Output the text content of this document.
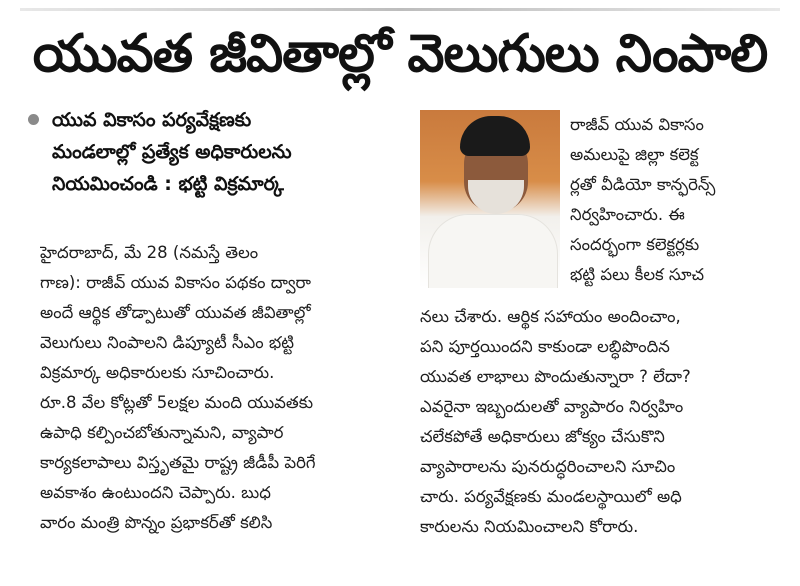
యువత జీవితాల్లో వెలుగులు నింపాలి
యువ వికాసం పర్యవేక్షణకు
మండలాల్లో ప్రత్యేక అధికారులను
నియమించండి : భట్టి విక్రమార్క
హైదరాబాద్‌, మే 28 (నమస్తే తెలం
గాణ): రాజీవ్‌ యువ వికాసం పథకం ద్వారా
అందే ఆర్థిక తోడ్పాటుతో యువత జీవితాల్లో
వెలుగులు నింపాలని డిప్యూటీ సీఎం భట్టి
విక్రమార్క అధికారులకు సూచించారు.
రూ.8 వేల కోట్లతో 5లక్షల మంది యువతకు
ఉపాధి కల్పించబోతున్నామని, వ్యాపార
కార్యకలాపాలు విస్తృతమై రాష్ట్ర జీడీపీ పెరిగే
అవకాశం ఉంటుందని చెప్పారు. బుధ
వారం మంత్రి పొన్నం ప్రభాకర్‌తో కలిసి
రాజీవ్‌ యువ వికాసం
అమలుపై జిల్లా కలెక్ట
ర్లతో వీడియో కాన్ఫరెన్స్‌
నిర్వహించారు. ఈ
సందర్భంగా కలెక్టర్లకు
భట్టి పలు కీలక సూచ
నలు చేశారు. ఆర్థిక సహాయం అందించాం,
పని పూర్తయిందని కాకుండా లబ్ధిపొందిన
యువత లాభాలు పొందుతున్నారా ? లేదా?
ఎవరైనా ఇబ్బందులతో వ్యాపారం నిర్వహిం
చలేకపోతే అధికారులు జోక్యం చేసుకొని
వ్యాపారాలను పునరుద్ధరించాలని సూచిం
చారు. పర్యవేక్షణకు మండలస్థాయిలో అధి
కారులను నియమించాలని కోరారు.
